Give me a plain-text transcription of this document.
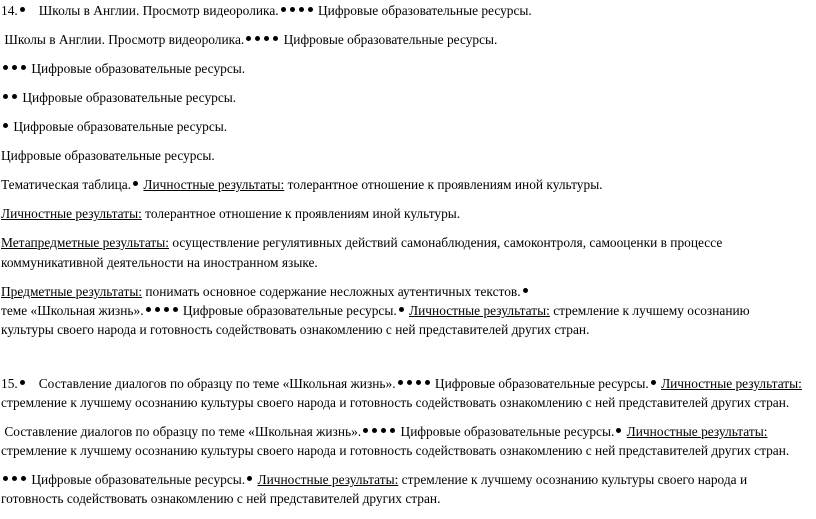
14. Школы в Англии. Просмотр видеоролика.	Цифровые образовательные ресурсы.
Школы в Англии. Просмотр видеоролика.	Цифровые образовательные ресурсы.
Цифровые образовательные ресурсы.
Цифровые образовательные ресурсы.
Цифровые образовательные ресурсы.
Цифровые образовательные ресурсы.
Тематическая таблица. Личностные результаты: толерантное отношение к проявлениям иной культуры.
Личностные результаты: толерантное отношение к проявлениям иной культуры.
Метапредметные результаты: осуществление регулятивных действий самонаблюдения, самоконтроля, самооценки в процессе
коммуникативной деятельности на иностранном языке.
Предметные результаты: понимать основное содержание несложных аутентичных текстов.
теме «Школьная жизнь».	Цифровые образовательные ресурсы. Личностные результаты: стремление к лучшему осознанию
культуры своего народа и готовность содействовать ознакомлению с ней представителей других стран.
15. Составление диалогов по образцу по теме «Школьная жизнь».	Цифровые образовательные ресурсы. Личностные результаты:
стремление к лучшему осознанию культуры своего народа и готовность содействовать ознакомлению с ней представителей других стран.
Составление диалогов по образцу по теме «Школьная жизнь».	Цифровые образовательные ресурсы. Личностные результаты:
стремление к лучшему осознанию культуры своего народа и готовность содействовать ознакомлению с ней представителей других стран.
Цифровые образовательные ресурсы. Личностные результаты: стремление к лучшему осознанию культуры своего народа и
готовность содействовать ознакомлению с ней представителей других стран.
